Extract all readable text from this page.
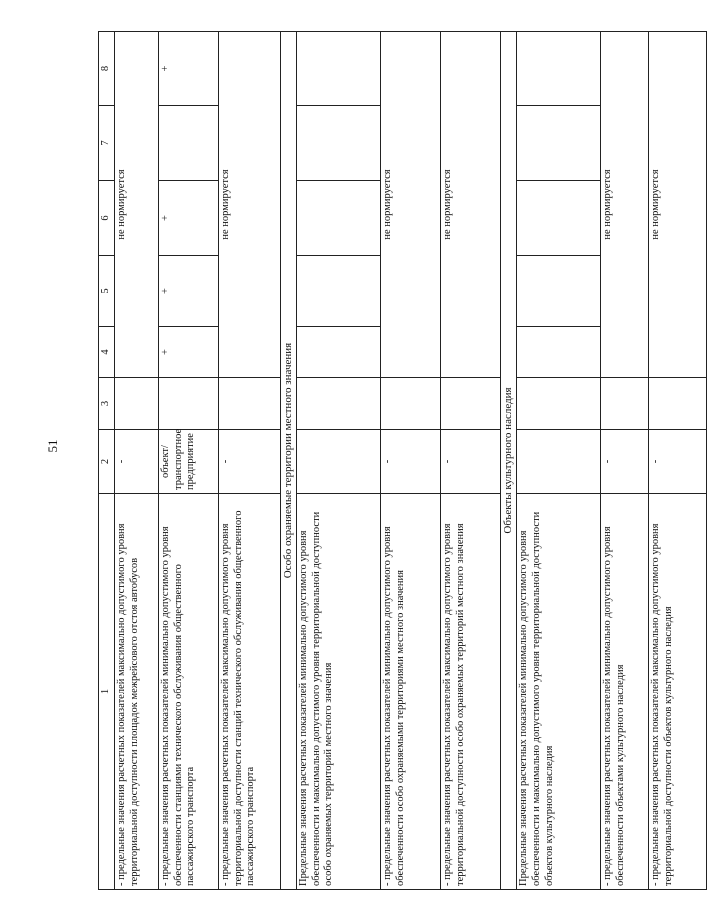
51
1	2	3	4	5	6	7	8
- предельные значения расчетных показателей максимально допустимого уровня территориальной доступности площадок межрейсового отстоя автобусов	-		не нормируется				
- предельные значения расчетных показателей минимально допустимого уровня обеспеченности станциями технического обслуживания общественного пассажирского транспорта	объект/ транспортное предприятие		+	+	+		+
- предельные значения расчетных показателей максимально допустимого уровня территориальной доступности станций технического обслуживания общественного пассажирского транспорта	-		не нормируется				
Особо охраняемые территории местного значения							
Предельные значения расчетных показателей минимально допустимого уровня обеспеченности и максимально допустимого уровня территориальной доступности особо охраняемых территорий местного значения							
- предельные значения расчетных показателей минимально допустимого уровня обеспеченности особо охраняемыми территориями местного значения	-		не нормируется				
- предельные значения расчетных показателей максимально допустимого уровня территориальной доступности особо охраняемых территорий местного значения	-		не нормируется				
Объекты культурного наследия							
Предельные значения расчетных показателей минимально допустимого уровня обеспеченности и максимально допустимого уровня территориальной доступности объектов культурного наследия							
- предельные значения расчетных показателей минимально допустимого уровня обеспеченности объектами культурного наследия	-		не нормируется				
- предельные значения расчетных показателей максимально допустимого уровня территориальной доступности объектов культурного наследия	-		не нормируется				
